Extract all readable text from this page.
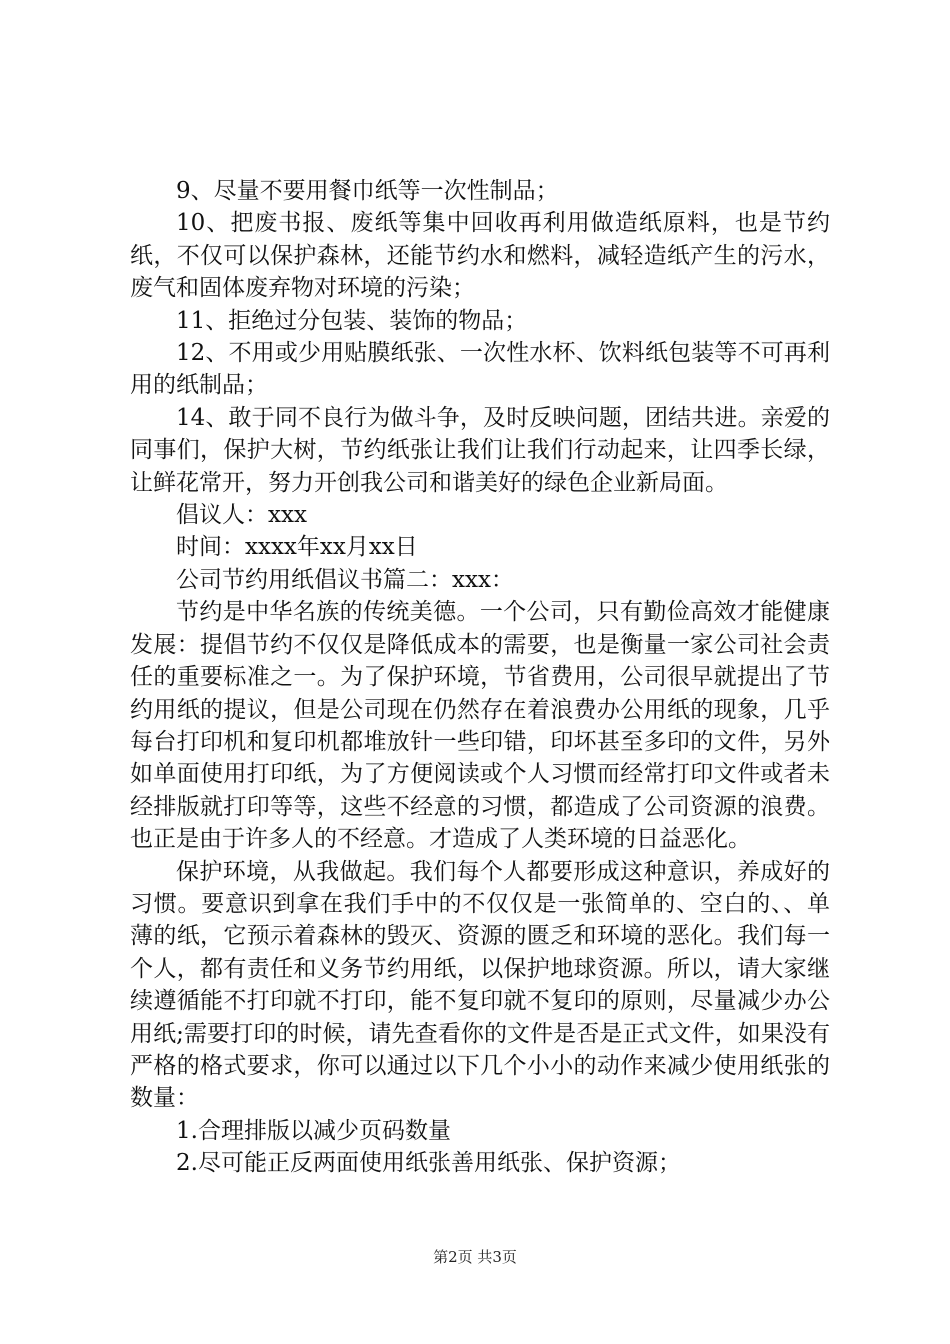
9、尽量不要用餐巾纸等一次性制品；

10、把废书报、废纸等集中回收再利用做造纸原料，也是节约纸，不仅可以保护森林，还能节约水和燃料，减轻造纸产生的污水，废气和固体废弃物对环境的污染；

11、拒绝过分包装、装饰的物品；

12、不用或少用贴膜纸张、一次性水杯、饮料纸包装等不可再利用的纸制品；

14、敢于同不良行为做斗争，及时反映问题，团结共进。亲爱的同事们，保护大树，节约纸张让我们让我们行动起来，让四季长绿，让鲜花常开，努力开创我公司和谐美好的绿色企业新局面。

倡议人：xxx

时间：xxxx年xx月xx日

公司节约用纸倡议书篇二：xxx：

节约是中华名族的传统美德。一个公司，只有勤俭高效才能健康发展：提倡节约不仅仅是降低成本的需要，也是衡量一家公司社会责任的重要标准之一。为了保护环境，节省费用，公司很早就提出了节约用纸的提议，但是公司现在仍然存在着浪费办公用纸的现象，几乎每台打印机和复印机都堆放针一些印错，印坏甚至多印的文件，另外如单面使用打印纸，为了方便阅读或个人习惯而经常打印文件或者未经排版就打印等等，这些不经意的习惯，都造成了公司资源的浪费。也正是由于许多人的不经意。才造成了人类环境的日益恶化。

保护环境，从我做起。我们每个人都要形成这种意识，养成好的习惯。要意识到拿在我们手中的不仅仅是一张简单的、空白的、、单薄的纸，它预示着森林的毁灭、资源的匮乏和环境的恶化。我们每一个人，都有责任和义务节约用纸，以保护地球资源。所以，请大家继续遵循能不打印就不打印，能不复印就不复印的原则，尽量减少办公用纸;需要打印的时候，请先查看你的文件是否是正式文件，如果没有严格的格式要求，你可以通过以下几个小小的动作来减少使用纸张的数量：

1.合理排版以减少页码数量

2.尽可能正反两面使用纸张善用纸张、保护资源；

第2页 共3页
